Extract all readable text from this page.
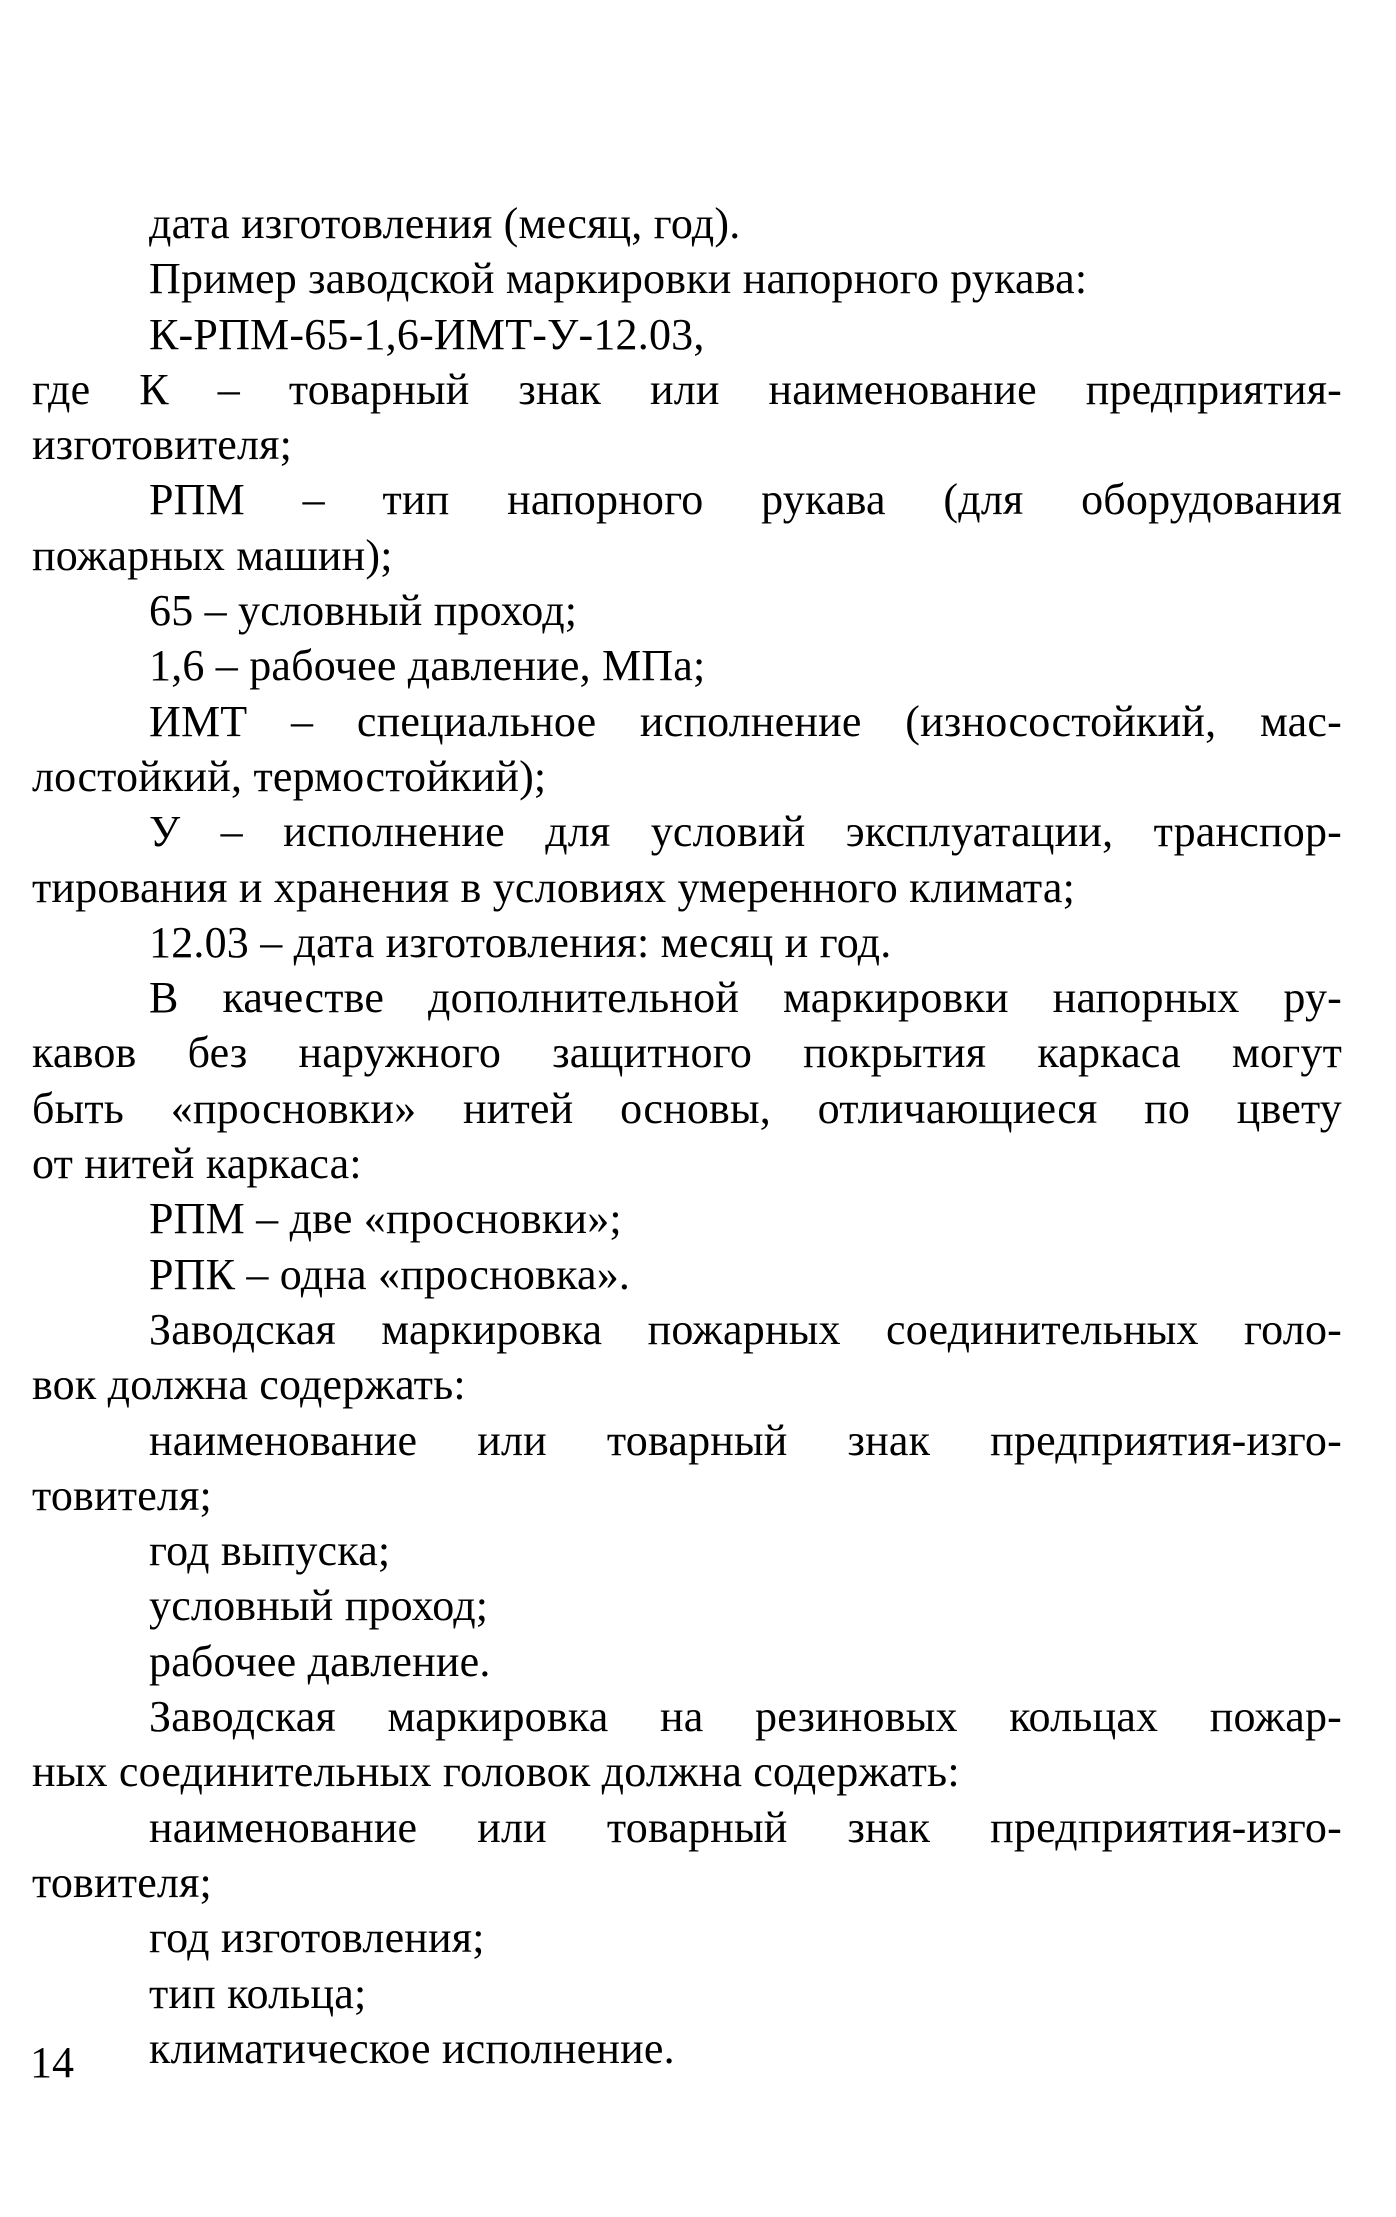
дата изготовления (месяц, год).
Пример заводской маркировки напорного рукава:
К-РПМ-65-1,6-ИМТ-У-12.03,
где К – товарный знак или наименование предприятия-
изготовителя;
РПМ – тип напорного рукава (для оборудования
пожарных машин);
65 – условный проход;
1,6 – рабочее давление, МПа;
ИМТ – специальное исполнение (износостойкий, мас-
лостойкий, термостойкий);
У – исполнение для условий эксплуатации, транспор-
тирования и хранения в условиях умеренного климата;
12.03 – дата изготовления: месяц и год.
В качестве дополнительной маркировки напорных ру-
кавов без наружного защитного покрытия каркаса могут
быть «просновки» нитей основы, отличающиеся по цвету
от нитей каркаса:
РПМ – две «просновки»;
РПК – одна «просновка».
Заводская маркировка пожарных соединительных голо-
вок должна содержать:
наименование или товарный знак предприятия-изго-
товителя;
год выпуска;
условный проход;
рабочее давление.
Заводская маркировка на резиновых кольцах пожар-
ных соединительных головок должна содержать:
наименование или товарный знак предприятия-изго-
товителя;
год изготовления;
тип кольца;
климатическое исполнение.
14
